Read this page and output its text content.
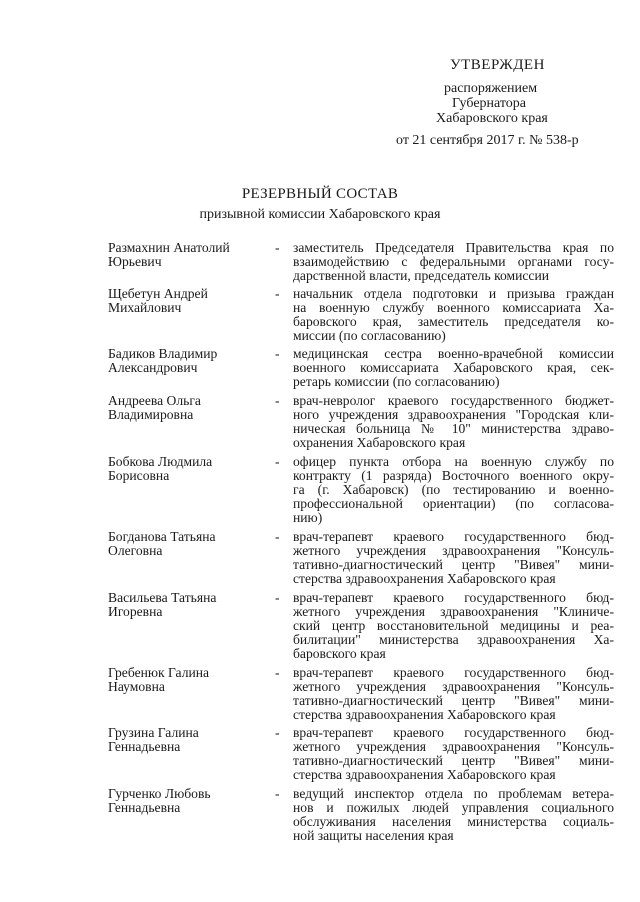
УТВЕРЖДЕН
распоряжением
Губернатора
Хабаровского края
от 21 сентября 2017 г. № 538-р
РЕЗЕРВНЫЙ СОСТАВ
призывной комиссии Хабаровского края
Размахнин Анатолий
Юрьевич
- заместитель Председателя Правительства края по
взаимодействию с федеральными органами госу-
дарственной власти, председатель комиссии
Щебетун Андрей
Михайлович
- начальник отдела подготовки и призыва граждан
на военную службу военного комиссариата Ха-
баровского края, заместитель председателя ко-
миссии (по согласованию)
Бадиков Владимир
Александрович
- медицинская сестра военно-врачебной комиссии
военного комиссариата Хабаровского края, сек-
ретарь комиссии (по согласованию)
Андреева Ольга
Владимировна
- врач-невролог краевого государственного бюджет-
ного учреждения здравоохранения "Городская кли-
ническая больница № 10" министерства здраво-
охранения Хабаровского края
Бобкова Людмила
Борисовна
- офицер пункта отбора на военную службу по
контракту (1 разряда) Восточного военного окру-
га (г. Хабаровск) (по тестированию и военно-
профессиональной ориентации) (по согласова-
нию)
Богданова Татьяна
Олеговна
- врач-терапевт краевого государственного бюд-
жетного учреждения здравоохранения "Консуль-
тативно-диагностический центр "Вивея" мини-
стерства здравоохранения Хабаровского края
Васильева Татьяна
Игоревна
- врач-терапевт краевого государственного бюд-
жетного учреждения здравоохранения "Клиниче-
ский центр восстановительной медицины и реа-
билитации" министерства здравоохранения Ха-
баровского края
Гребенюк Галина
Наумовна
- врач-терапевт краевого государственного бюд-
жетного учреждения здравоохранения "Консуль-
тативно-диагностический центр "Вивея" мини-
стерства здравоохранения Хабаровского края
Грузина Галина
Геннадьевна
- врач-терапевт краевого государственного бюд-
жетного учреждения здравоохранения "Консуль-
тативно-диагностический центр "Вивея" мини-
стерства здравоохранения Хабаровского края
Гурченко Любовь
Геннадьевна
- ведущий инспектор отдела по проблемам ветера-
нов и пожилых людей управления социального
обслуживания населения министерства социаль-
ной защиты населения края
